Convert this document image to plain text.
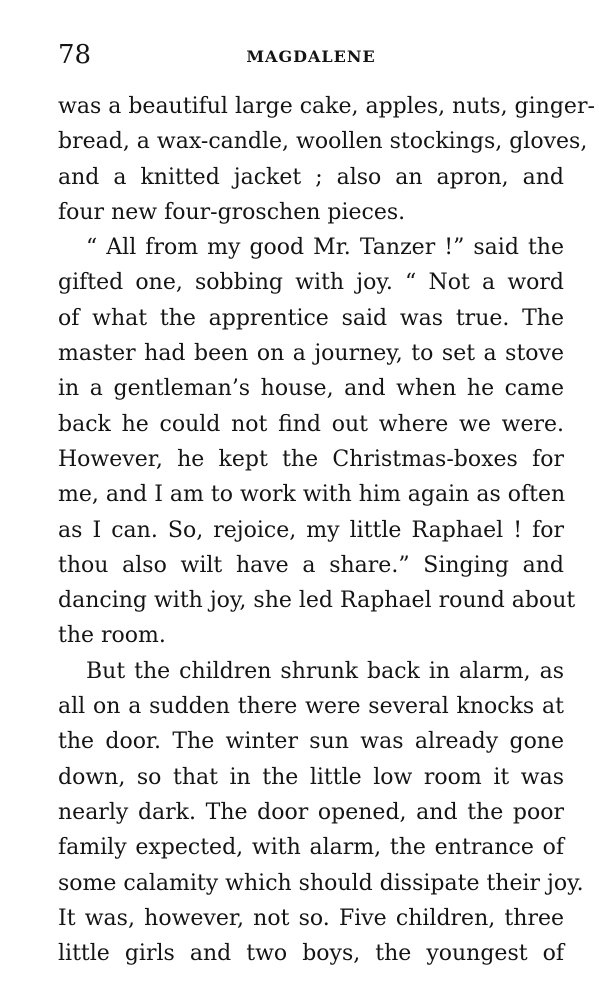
78	MAGDALENE
was a beautiful large cake, apples, nuts, ginger-
bread, a wax-candle, woollen stockings, gloves,
and a knitted jacket ; also an apron, and
four new four-groschen pieces.
“ All from my good Mr. Tanzer !” said the
gifted one, sobbing with joy. “ Not a word
of what the apprentice said was true. The
master had been on a journey, to set a stove
in a gentleman’s house, and when he came
back he could not find out where we were.
However, he kept the Christmas-boxes for
me, and I am to work with him again as often
as I can. So, rejoice, my little Raphael ! for
thou also wilt have a share.” Singing and
dancing with joy, she led Raphael round about
the room.
But the children shrunk back in alarm, as
all on a sudden there were several knocks at
the door. The winter sun was already gone
down, so that in the little low room it was
nearly dark. The door opened, and the poor
family expected, with alarm, the entrance of
some calamity which should dissipate their joy.
It was, however, not so. Five children, three
little girls and two boys, the youngest of
